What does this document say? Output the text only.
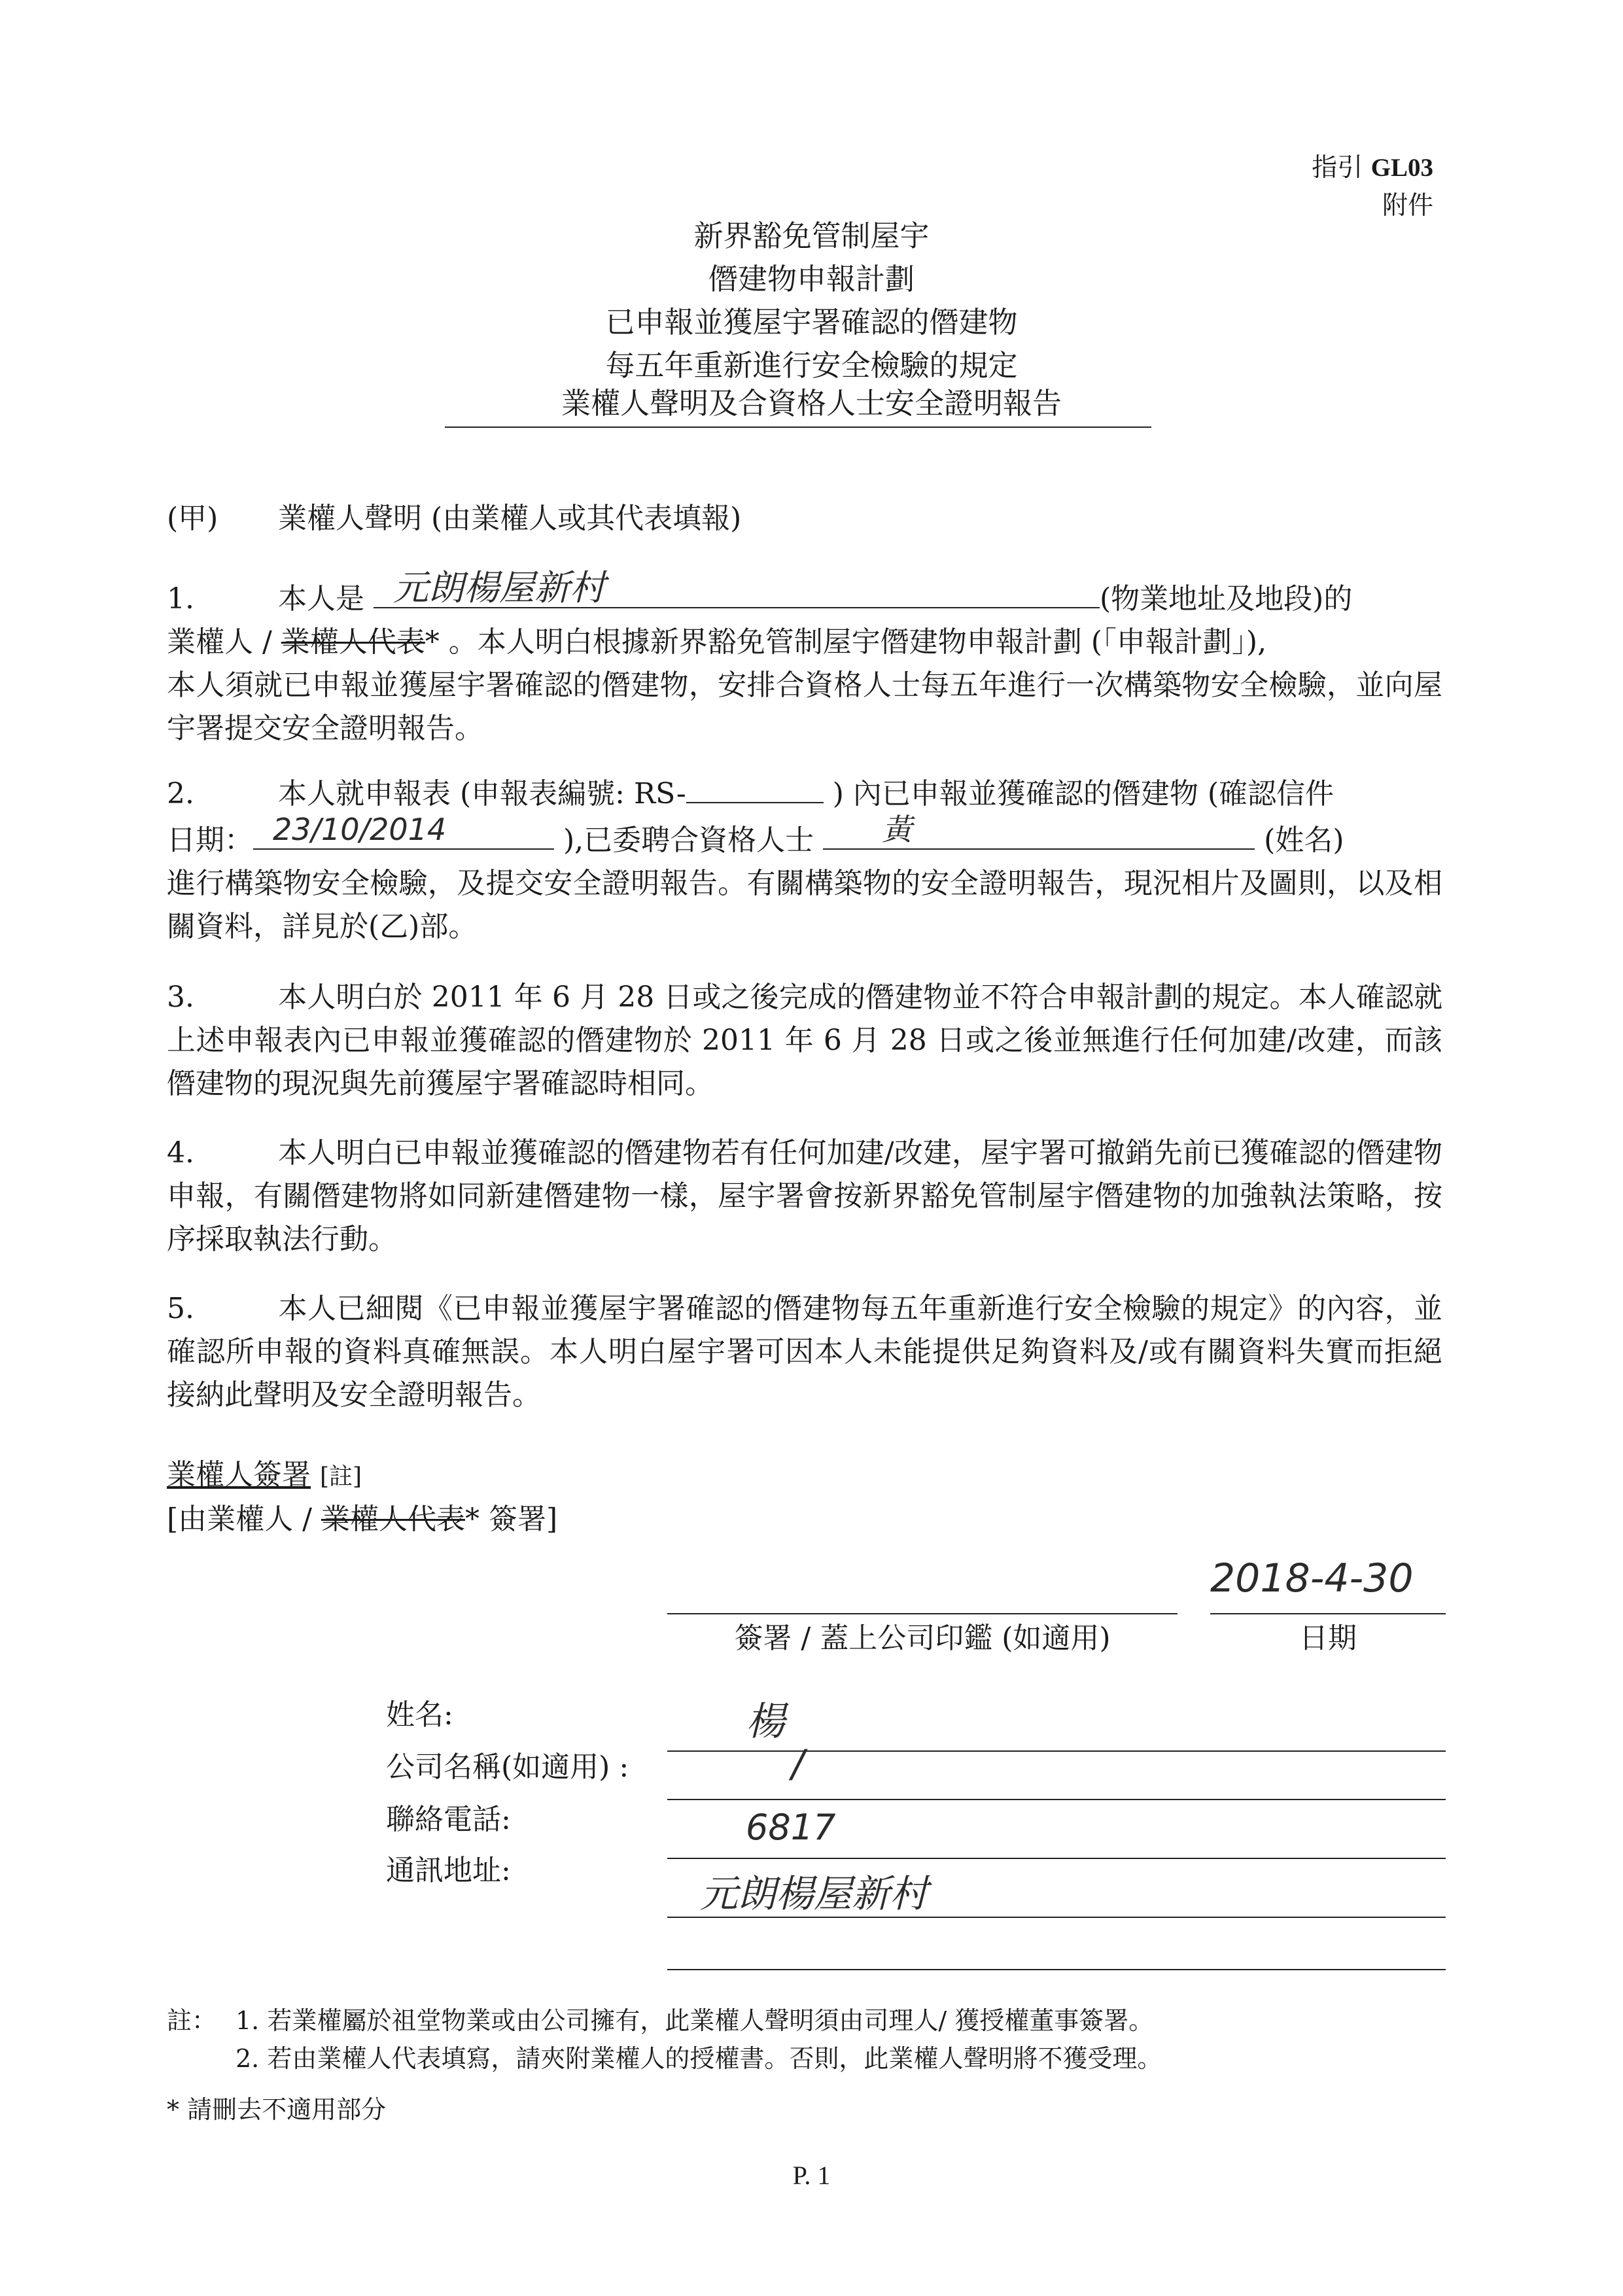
指引 GL03
附件
新界豁免管制屋宇
僭建物申報計劃
已申報並獲屋宇署確認的僭建物
每五年重新進行安全檢驗的規定
業權人聲明及合資格人士安全證明報告
(甲) 業權人聲明 (由業權人或其代表填報)
1.	本人是 元朗楊屋新村	(物業地址及地段)的
業權人 / 業權人代表* 。本人明白根據新界豁免管制屋宇僭建物申報計劃 (「申報計劃」),
本人須就已申報並獲屋宇署確認的僭建物，安排合資格人士每五年進行一次構築物安全檢驗，並向屋宇署提交安全證明報告。
2.	本人就申報表 (申報表編號: RS-	) 內已申報並獲確認的僭建物 (確認信件
日期： 23/10/2014	),已委聘合資格人士 黃	(姓名)
進行構築物安全檢驗，及提交安全證明報告。有關構築物的安全證明報告，現況相片及圖則，以及相關資料，詳見於(乙)部。
3.	本人明白於 2011 年 6 月 28 日或之後完成的僭建物並不符合申報計劃的規定。本人確認就上述申報表內已申報並獲確認的僭建物於 2011 年 6 月 28 日或之後並無進行任何加建/改建，而該僭建物的現況與先前獲屋宇署確認時相同。
4.	本人明白已申報並獲確認的僭建物若有任何加建/改建，屋宇署可撤銷先前已獲確認的僭建物申報，有關僭建物將如同新建僭建物一樣，屋宇署會按新界豁免管制屋宇僭建物的加強執法策略，按序採取執法行動。
5.	本人已細閱《已申報並獲屋宇署確認的僭建物每五年重新進行安全檢驗的規定》的內容，並確認所申報的資料真確無誤。本人明白屋宇署可因本人未能提供足夠資料及/或有關資料失實而拒絕接納此聲明及安全證明報告。
業權人簽署 [註]
[由業權人 / 業權人代表* 簽署]
2018-4-30
簽署 / 蓋上公司印鑑 (如適用)	日期
姓名:	楊
公司名稱(如適用) :	/
聯絡電話:	6817
通訊地址:
元朗楊屋新村
註： 1. 若業權屬於祖堂物業或由公司擁有，此業權人聲明須由司理人/ 獲授權董事簽署。
2. 若由業權人代表填寫，請夾附業權人的授權書。否則，此業權人聲明將不獲受理。
* 請刪去不適用部分
P. 1
